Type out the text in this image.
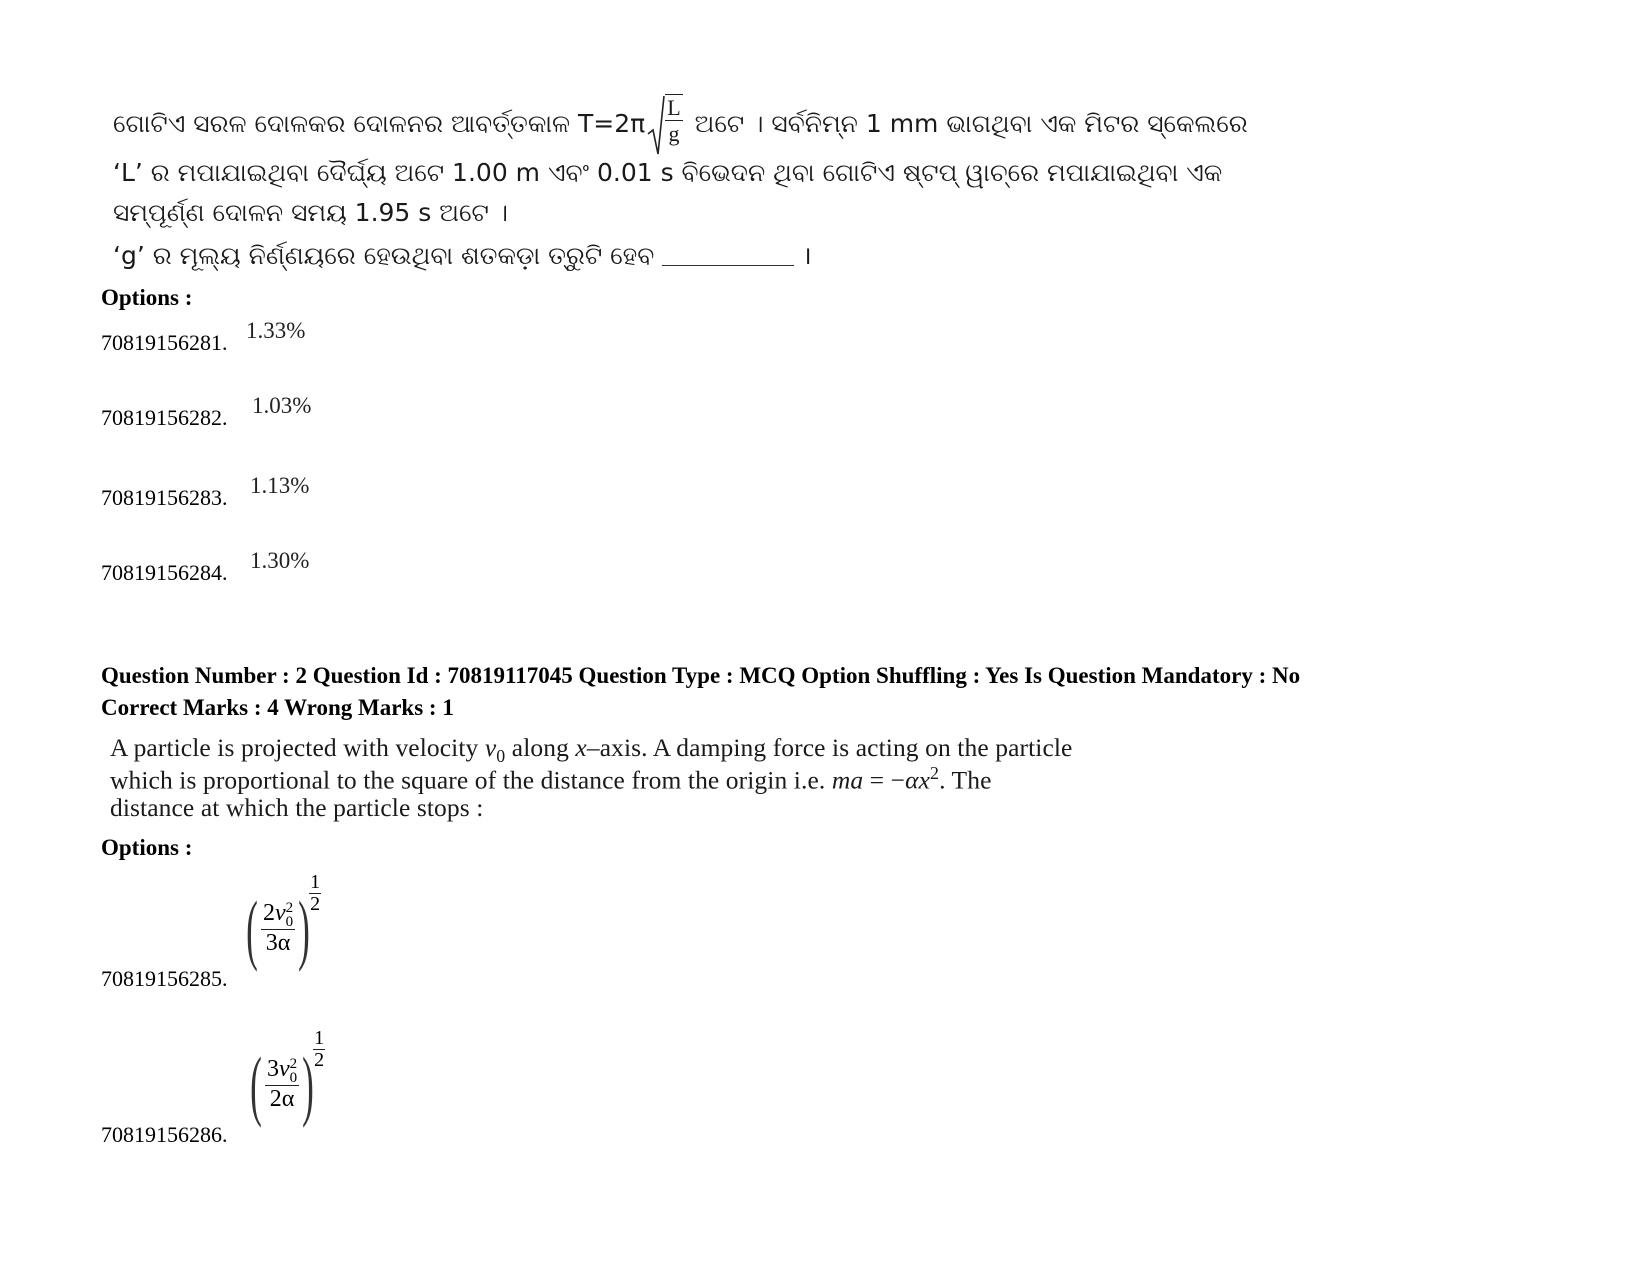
ଗୋଟିଏ ସରଳ ଦୋଳକର ଦୋଳନର ଆବର୍ତ୍ତକାଳ $T=2\pi \frac{L}{g}$ ଅଟେ । ସର୍ବନିମ୍ନ 1 mm ଭାଗଥିବା ଏକ ମିଟର ସ୍କେଲରେ
‘L’ ର ମପାଯାଇଥିବା ଦୈର୍ଘ୍ୟ ଅଟେ 1.00 m ଏବଂ 0.01 s ବିଭେଦନ ଥିବା ଗୋଟିଏ ଷ୍ଟପ୍ ୱାଚ୍‌ରେ ମପାଯାଇଥିବା ଏକ
ସମ୍ପୂର୍ଣ୍ଣ ଦୋଳନ ସମୟ 1.95 s ଅଟେ ।
‘g’ ର ମୂଲ୍ୟ ନିର୍ଣ୍ଣୟରେ ହେଉଥିବା ଶତକଡ଼ା ତ୍ରୁଟି ହେବ	।
Options :
70819156281. 1.33%
70819156282. 1.03%
70819156283. 1.13%
70819156284. 1.30%
Question Number : 2 Question Id : 70819117045 Question Type : MCQ Option Shuffling : Yes Is Question Mandatory : No
Correct Marks : 4 Wrong Marks : 1
A particle is projected with velocity $v_0$ along x–axis. A damping force is acting on the particle
which is proportional to the square of the distance from the origin i.e. ma = $-\alpha x^2$. The
distance at which the particle stops :
Options :
70819156285.
( 2v 2
0
3α ) $\frac{1}{2}$
70819156286.
( 3v 2
0
2α ) $\frac{1}{2}$
